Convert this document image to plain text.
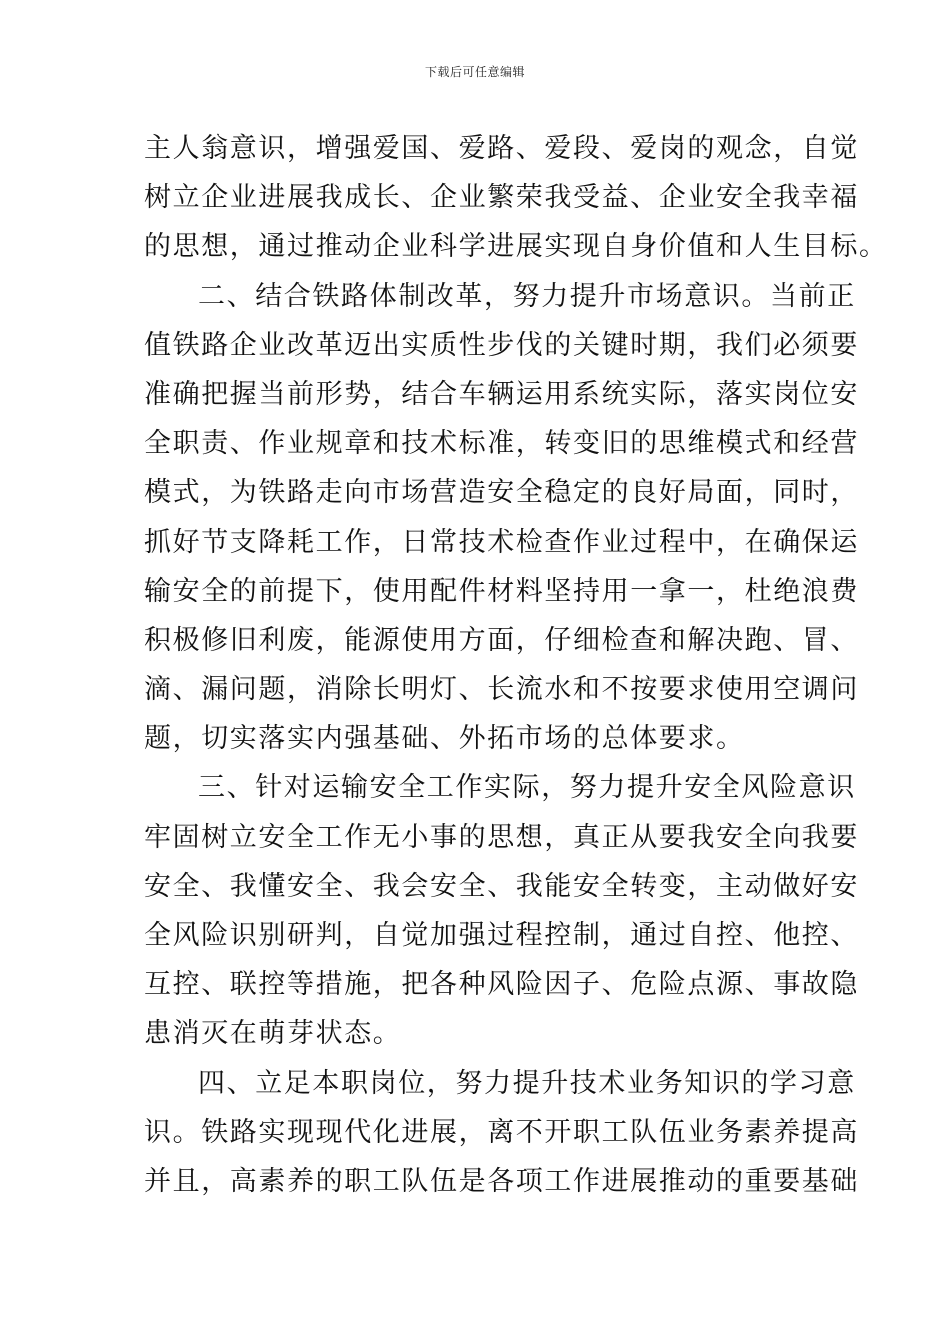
下载后可任意编辑
主人翁意识，增强爱国、爱路、爱段、爱岗的观念，自觉
树立企业进展我成长、企业繁荣我受益、企业安全我幸福
的思想，通过推动企业科学进展实现自身价值和人生目标。
二、结合铁路体制改革，努力提升市场意识。当前正
值铁路企业改革迈出实质性步伐的关键时期，我们必须要
准确把握当前形势，结合车辆运用系统实际，落实岗位安
全职责、作业规章和技术标准，转变旧的思维模式和经营
模式，为铁路走向市场营造安全稳定的良好局面，同时，
抓好节支降耗工作，日常技术检查作业过程中，在确保运
输安全的前提下，使用配件材料坚持用一拿一，杜绝浪费
积极修旧利废，能源使用方面，仔细检查和解决跑、冒、
滴、漏问题，消除长明灯、长流水和不按要求使用空调问
题，切实落实内强基础、外拓市场的总体要求。
三、针对运输安全工作实际，努力提升安全风险意识
牢固树立安全工作无小事的思想，真正从要我安全向我要
安全、我懂安全、我会安全、我能安全转变，主动做好安
全风险识别研判，自觉加强过程控制，通过自控、他控、
互控、联控等措施，把各种风险因子、危险点源、事故隐
患消灭在萌芽状态。
四、立足本职岗位，努力提升技术业务知识的学习意
识。铁路实现现代化进展，离不开职工队伍业务素养提高
并且，高素养的职工队伍是各项工作进展推动的重要基础
